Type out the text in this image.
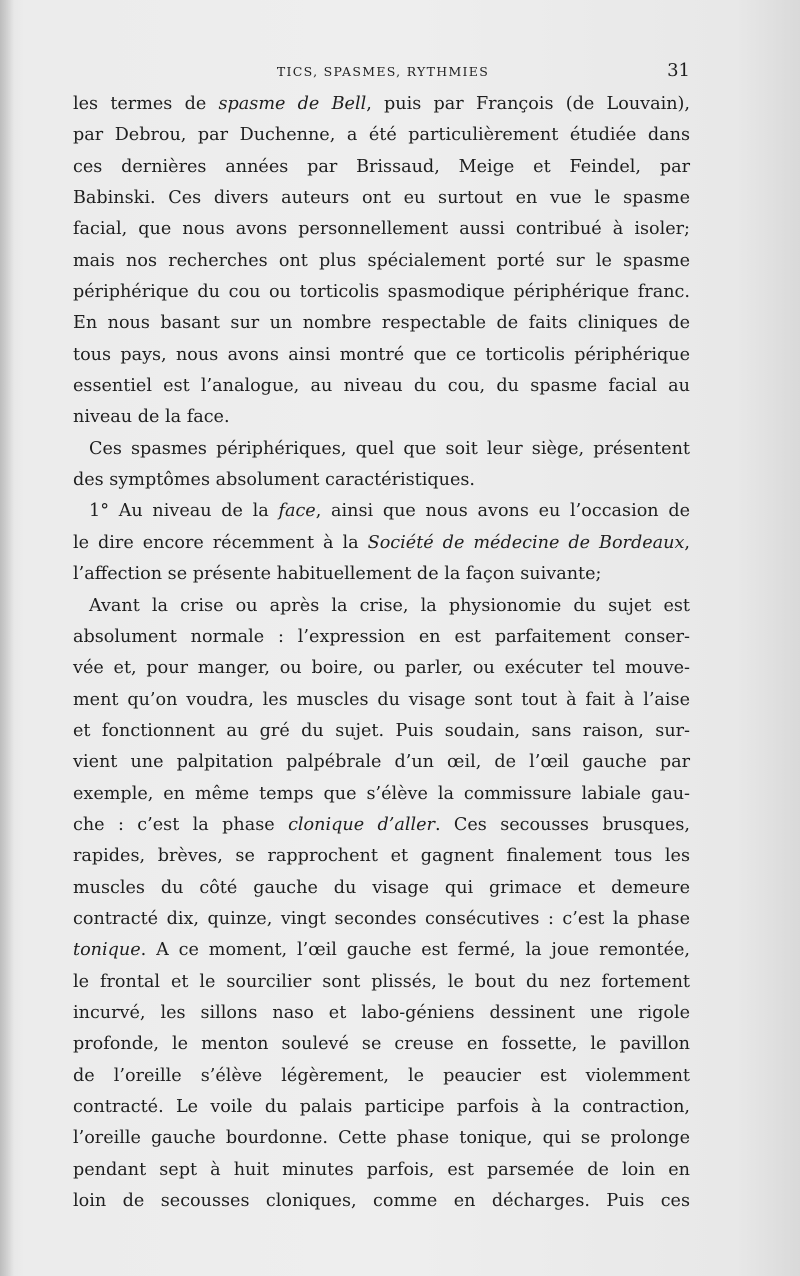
TICS, SPASMES, RYTHMIES	31

les termes de spasme de Bell, puis par François (de Louvain),

par Debrou, par Duchenne, a été particulièrement étudiée dans

ces dernières années par Brissaud, Meige et Feindel, par

Babinski. Ces divers auteurs ont eu surtout en vue le spasme

facial, que nous avons personnellement aussi contribué à isoler;

mais nos recherches ont plus spécialement porté sur le spasme

périphérique du cou ou torticolis spasmodique périphérique franc.

En nous basant sur un nombre respectable de faits cliniques de

tous pays, nous avons ainsi montré que ce torticolis périphérique

essentiel est l’analogue, au niveau du cou, du spasme facial au

niveau de la face.

Ces spasmes périphériques, quel que soit leur siège, présentent

des symptômes absolument caractéristiques.

1° Au niveau de la face, ainsi que nous avons eu l’occasion de

le dire encore récemment à la Société de médecine de Bordeaux,

l’affection se présente habituellement de la façon suivante;

Avant la crise ou après la crise, la physionomie du sujet est

absolument normale : l’expression en est parfaitement conser-

vée et, pour manger, ou boire, ou parler, ou exécuter tel mouve-

ment qu’on voudra, les muscles du visage sont tout à fait à l’aise

et fonctionnent au gré du sujet. Puis soudain, sans raison, sur-

vient une palpitation palpébrale d’un œil, de l’œil gauche par

exemple, en même temps que s’élève la commissure labiale gau-

che : c’est la phase clonique d’aller. Ces secousses brusques,

rapides, brèves, se rapprochent et gagnent finalement tous les

muscles du côté gauche du visage qui grimace et demeure

contracté dix, quinze, vingt secondes consécutives : c’est la phase

tonique. A ce moment, l’œil gauche est fermé, la joue remontée,

le frontal et le sourcilier sont plissés, le bout du nez fortement

incurvé, les sillons naso et labo-géniens dessinent une rigole

profonde, le menton soulevé se creuse en fossette, le pavillon

de l’oreille s’élève légèrement, le peaucier est violemment

contracté. Le voile du palais participe parfois à la contraction,

l’oreille gauche bourdonne. Cette phase tonique, qui se prolonge

pendant sept à huit minutes parfois, est parsemée de loin en

loin de secousses cloniques, comme en décharges. Puis ces
